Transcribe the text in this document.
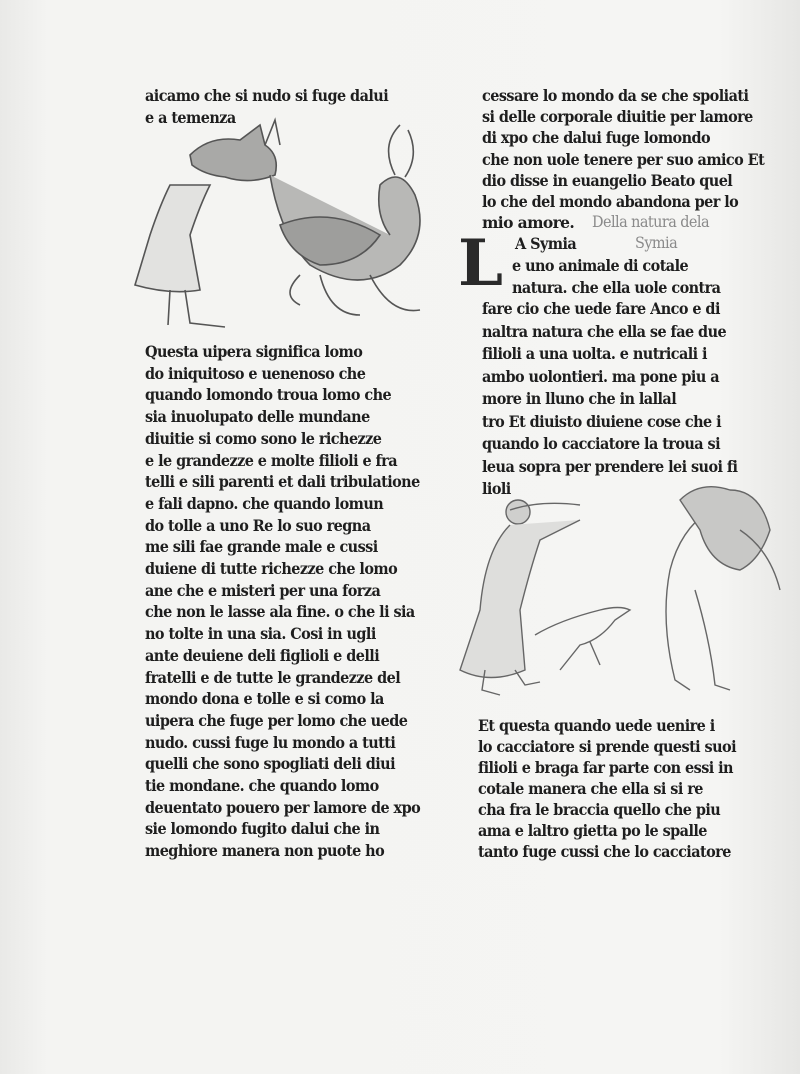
aicamo che si nudo si fuge dalui
e a temenza
Questa uipera significa lomo
do iniquitoso e uenenoso che
quando lomondo troua lomo che
sia inuolupato delle mundane
diuitie si como sono le richezze
e le grandezze e molte filioli e fra
telli e sili parenti et dali tribulatione
e fali dapno. che quando lomun
do tolle a uno Re lo suo regna
me sili fae grande male e cussi
duiene di tutte richezze che lomo
ane che e misteri per una forza
che non le lasse ala fine. o che li sia
no tolte in una sia. Cosi in ugli
ante deuiene deli figlioli e delli
fratelli e de tutte le grandezze del
mondo dona e tolle e si como la
uipera che fuge per lomo che uede
nudo. cussi fuge lu mondo a tutti
quelli che sono spogliati deli diui
tie mondane. che quando lomo
deuentato pouero per lamore de xpo
sie lomondo fugito dalui che in
meghiore manera non puote ho
cessare lo mondo da se che spoliati
si delle corporale diuitie per lamore
di xpo che dalui fuge lomondo
che non uole tenere per suo amico Et
dio disse in euangelio Beato quel
lo che del mondo abandona per lo
mio amore. Della natura dela
L A Symia	Symia
e uno animale di cotale
natura. che ella uole contra
fare cio che uede fare Anco e di
naltra natura che ella se fae due
filioli a una uolta. e nutricali i
ambo uolontieri. ma pone piu a
more in lluno che in lallal
tro Et diuisto diuiene cose che i
quando lo cacciatore la troua si
leua sopra per prendere lei suoi fi
lioli
Et questa quando uede uenire i
lo cacciatore si prende questi suoi
filioli e braga far parte con essi in
cotale manera che ella si si re
cha fra le braccia quello che piu
ama e laltro gietta po le spalle
tanto fuge cussi che lo cacciatore
